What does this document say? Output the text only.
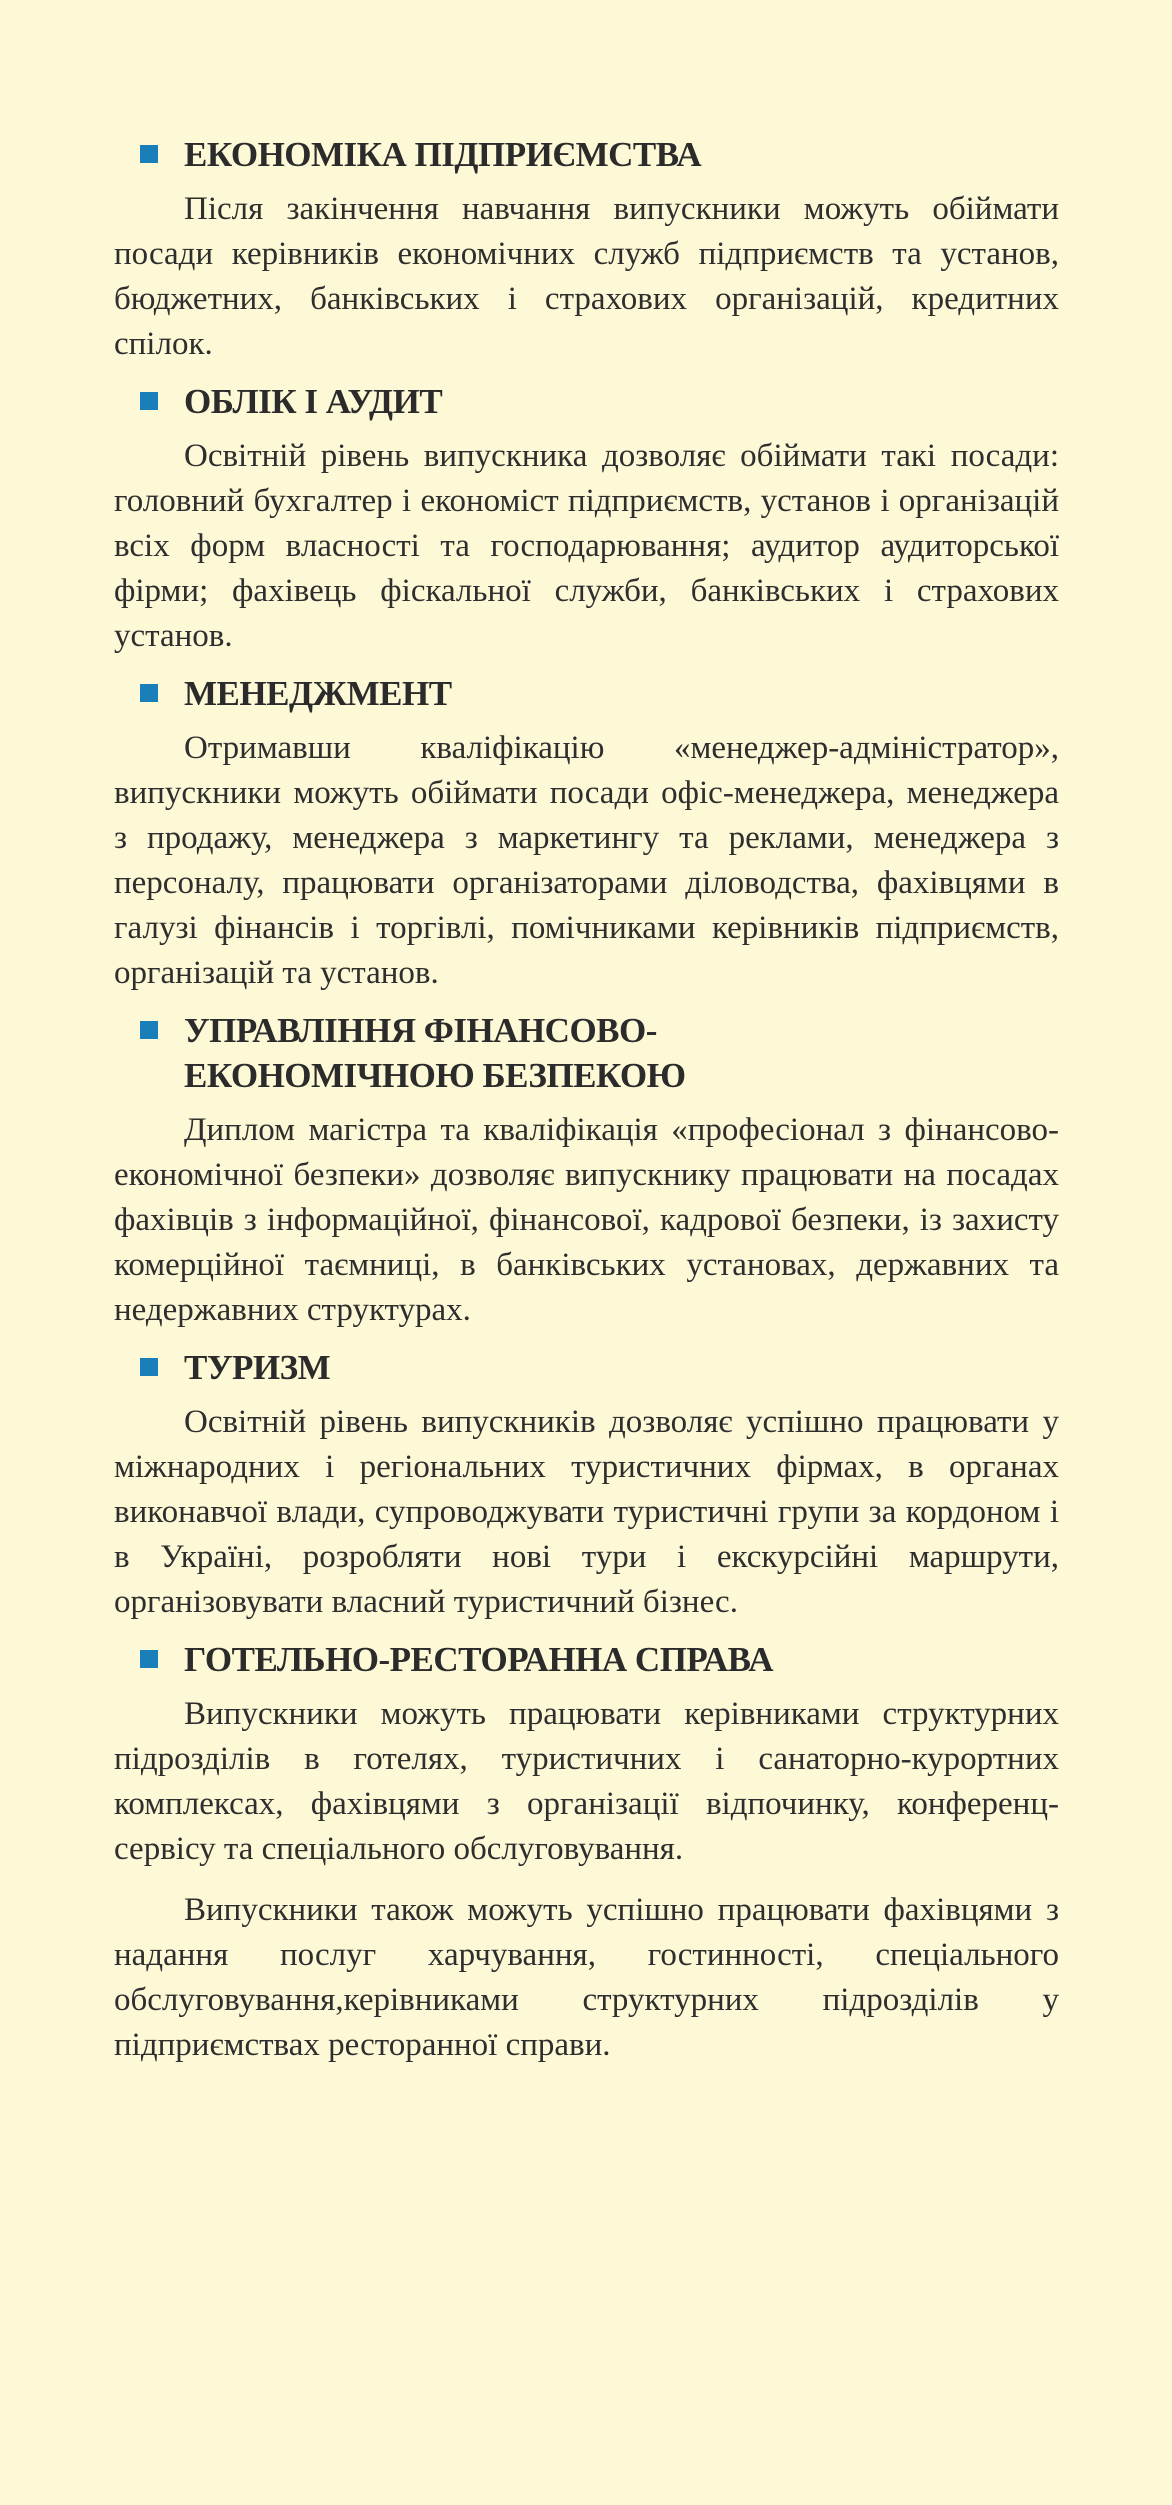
ЕКОНОМІКА ПІДПРИЄМСТВА

Після закінчення навчання випускники можуть обіймати посади керівників економічних служб підприємств та установ, бюджетних, банківських і страхових організацій, кредитних спілок.

ОБЛІК І АУДИТ

Освітній рівень випускника дозволяє обіймати такі посади: головний бухгалтер і економіст підприємств, установ і організацій всіх форм власності та господарювання; аудитор аудиторської фірми; фахівець фіскальної служби, банківських і страхових установ.

МЕНЕДЖМЕНТ

Отримавши кваліфікацію «менеджер-адміністратор», випускники можуть обіймати посади офіс-менеджера, менеджера з продажу, менеджера з маркетингу та реклами, менеджера з персоналу, працювати організаторами діловодства, фахівцями в галузі фінансів і торгівлі, помічниками керівників підприємств, організацій та установ.

УПРАВЛІННЯ ФІНАНСОВО-
ЕКОНОМІЧНОЮ БЕЗПЕКОЮ

Диплом магістра та кваліфікація «професіонал з фінансово-економічної безпеки» дозволяє випускнику працювати на посадах фахівців з інформаційної, фінансової, кадрової безпеки, із захисту комерційної таємниці, в банківських установах, державних та недержавних структурах.

ТУРИЗМ

Освітній рівень випускників дозволяє успішно працювати у міжнародних і регіональних туристичних фірмах, в органах виконавчої влади, супроводжувати туристичні групи за кордоном і в Україні, розробляти нові тури і екскурсійні маршрути, організовувати власний туристичний бізнес.

ГОТЕЛЬНО-РЕСТОРАННА СПРАВА

Випускники можуть працювати керівниками структурних підрозділів в готелях, туристичних і санаторно-курортних комплексах, фахівцями з організації відпочинку, конференц-сервісу та спеціального обслуговування.

Випускники також можуть успішно працювати фахівцями з надання послуг харчування, гостинності, спеціального обслуговування,керівниками структурних підрозділів у підприємствах ресторанної справи.
